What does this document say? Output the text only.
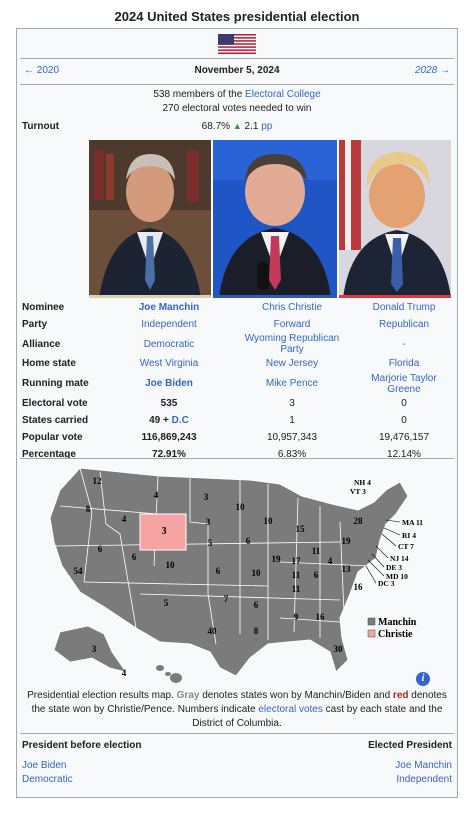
2024 United States presidential election
← 2020	November 5, 2024	2028 →
538 members of the Electoral College
270 electoral votes needed to win
Turnout	68.7% ▲ 2.1 pp
Nominee	Joe Manchin	Chris Christie	Donald Trump
Party	Independent	Forward	Republican
Alliance	Democratic	Wyoming Republican Party	-
Home state	West Virginia	New Jersey	Florida
Running mate	Joe Biden	Mike Pence	Marjorie Taylor Greene
Electoral vote	535	3	0
States carried	49 + D.C	1	0
Popular vote	116,869,243	10,957,343	19,476,157
Percentage	72.91%	6.83%	12.14%
12
4	3
10
8
4	3	10	28
6
3
5	6
19
15
17
11
19
54
6
10
6	10	11
4
13
5	7
6
16
11
6
9 16
40	8
3
4
30
NH 4
VT 3
MA 11
RI 4
CT 7
NJ 14
DE 3
MD 10
DC 3
Manchin
Christie
i
Presidential election results map. Gray denotes states won by Manchin/Biden and red denotes the state won by Christie/Pence. Numbers indicate electoral votes cast by each state and the District of Columbia.
President before election	Elected President
Joe Biden
Democratic
Joe Manchin
Independent
